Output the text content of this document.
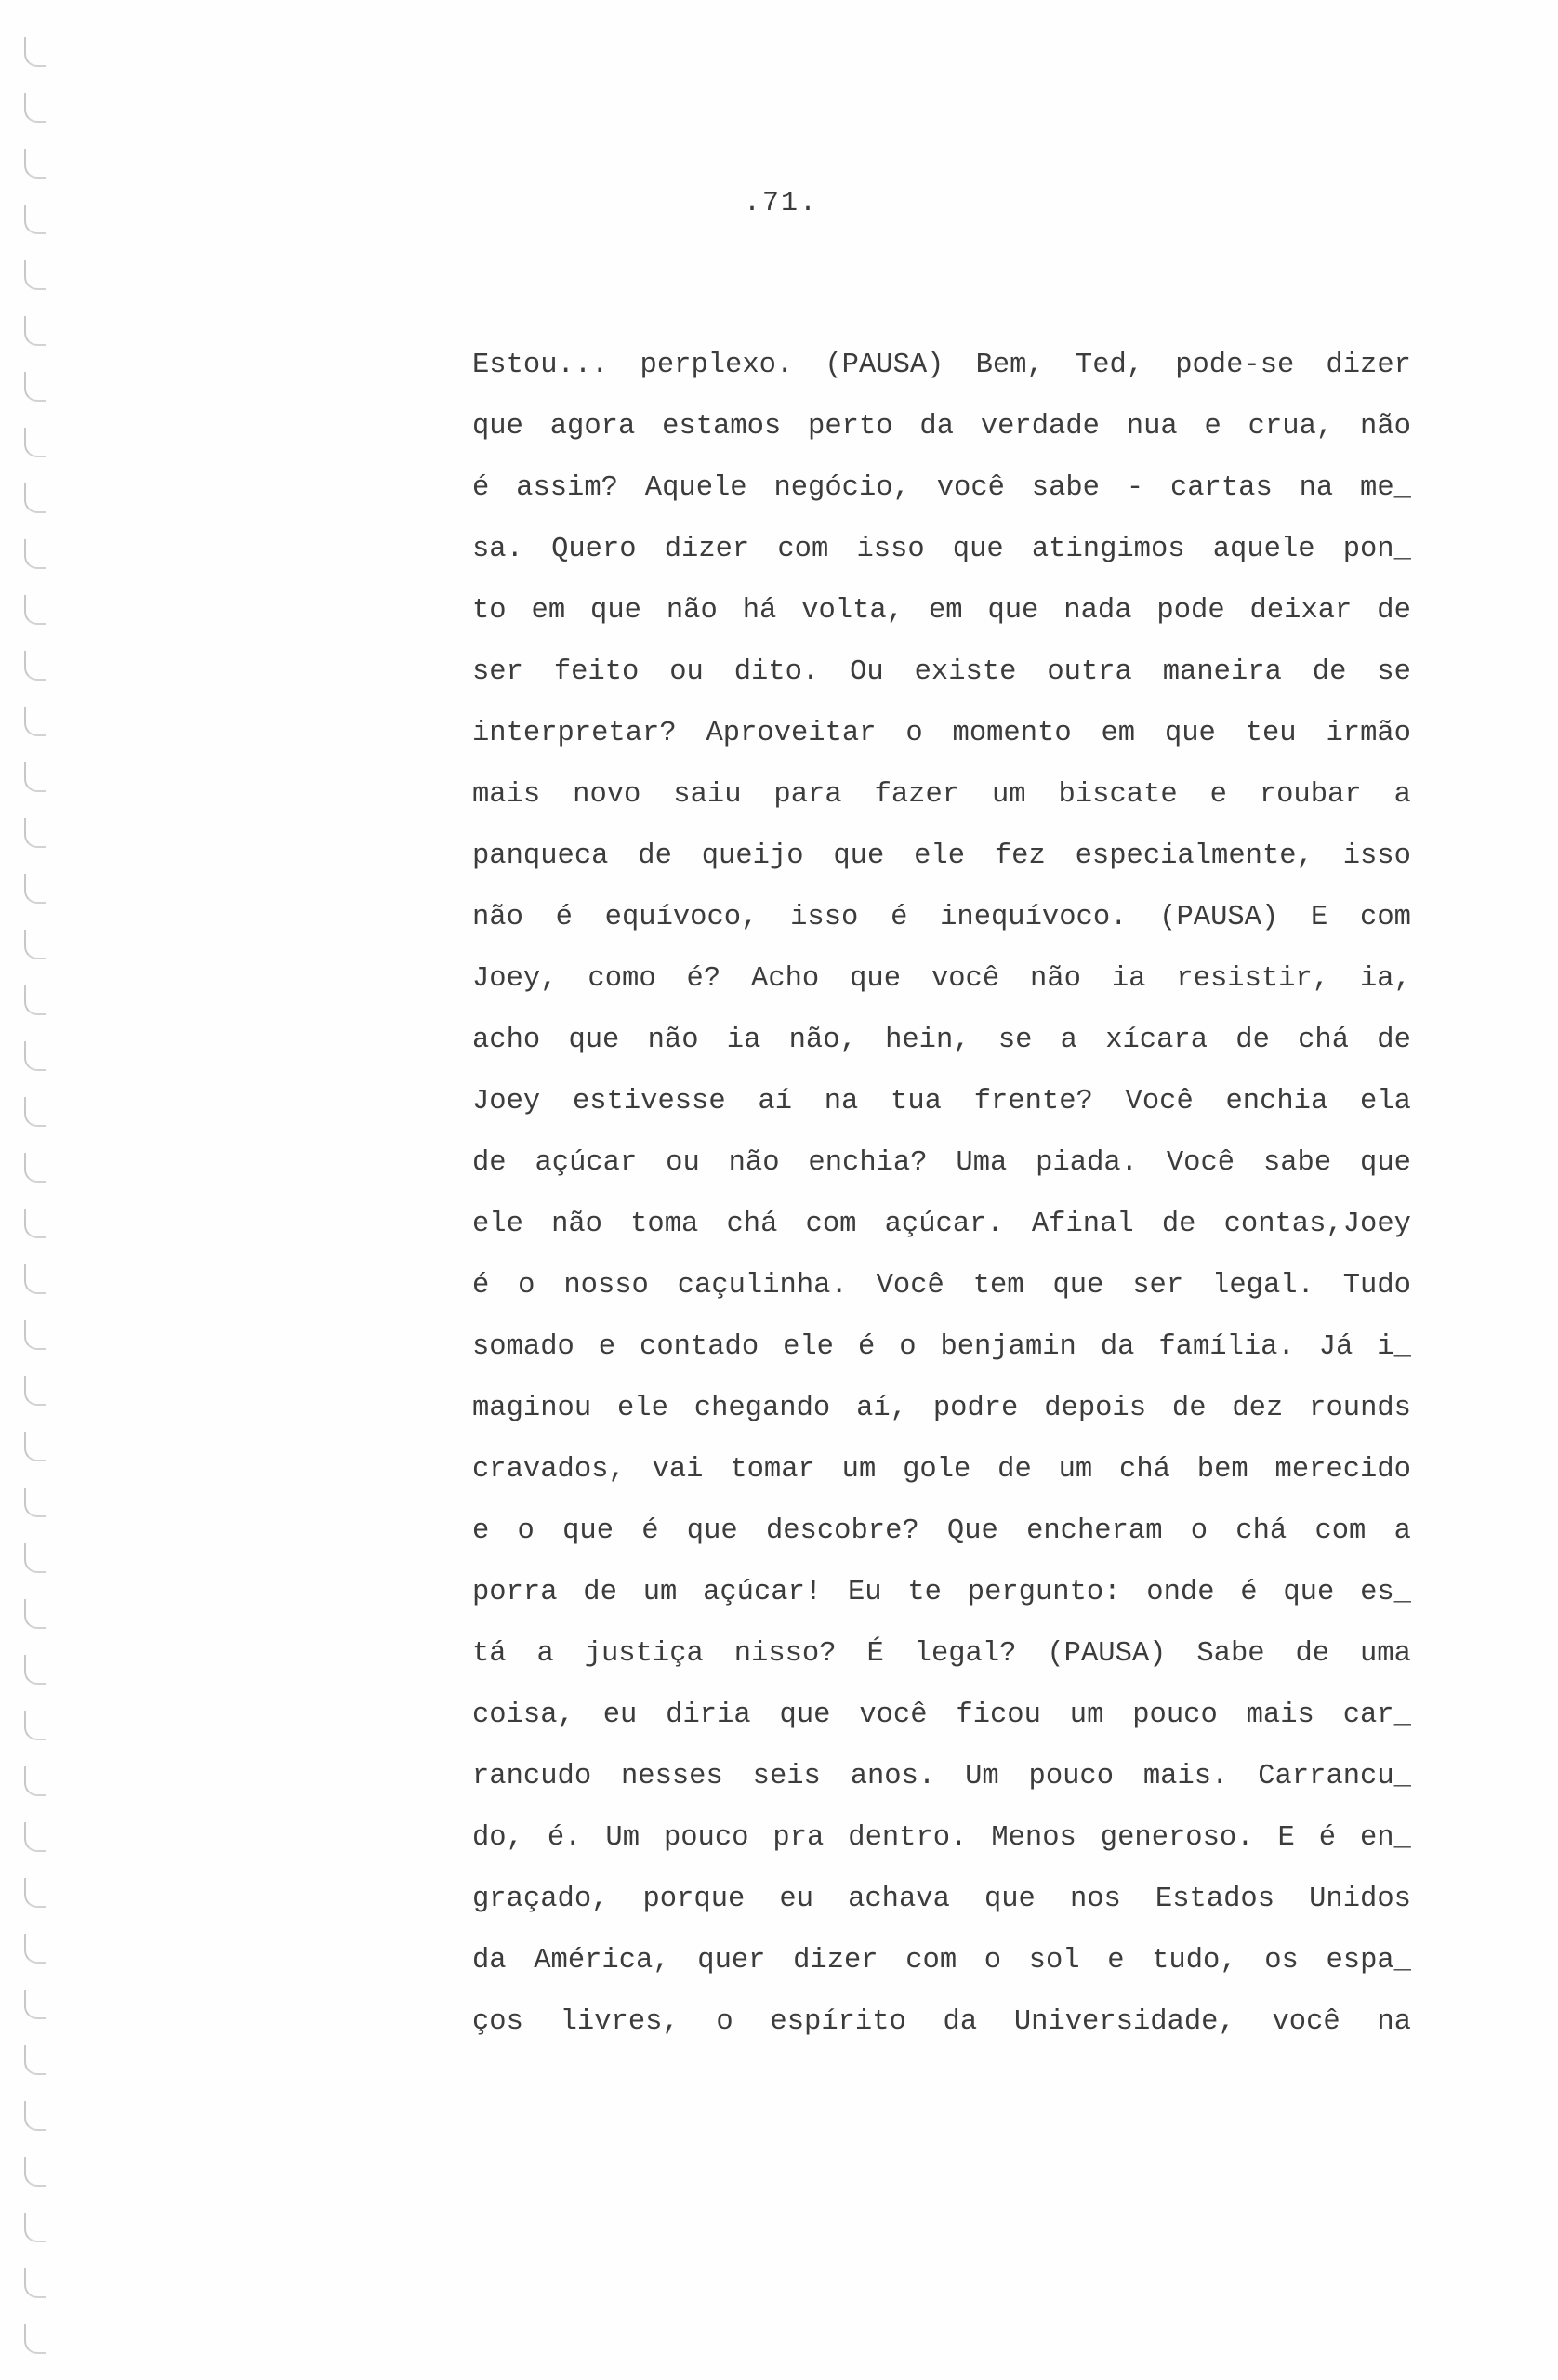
.71.
Estou... perplexo. (PAUSA) Bem, Ted, pode-se dizer
que agora estamos perto da verdade nua e crua, não
é assim? Aquele negócio, você sabe - cartas na me_
sa. Quero dizer com isso que atingimos aquele pon_
to em que não há volta, em que nada pode deixar de
ser feito ou dito. Ou existe outra maneira de se
interpretar? Aproveitar o momento em que teu irmão
mais novo saiu para fazer um biscate e roubar a
panqueca de queijo que ele fez especialmente, isso
não é equívoco, isso é inequívoco. (PAUSA) E com
Joey, como é? Acho que você não ia resistir, ia,
acho que não ia não, hein, se a xícara de chá de
Joey estivesse aí na tua frente? Você enchia ela
de açúcar ou não enchia? Uma piada. Você sabe que
ele não toma chá com açúcar. Afinal de contas,Joey
é o nosso caçulinha. Você tem que ser legal. Tudo
somado e contado ele é o benjamin da família. Já i_
maginou ele chegando aí, podre depois de dez rounds
cravados, vai tomar um gole de um chá bem merecido
e o que é que descobre? Que encheram o chá com a
porra de um açúcar! Eu te pergunto: onde é que es_
tá a justiça nisso? É legal? (PAUSA) Sabe de uma
coisa, eu diria que você ficou um pouco mais car_
rancudo nesses seis anos. Um pouco mais. Carrancu_
do, é. Um pouco pra dentro. Menos generoso. E é en_
graçado, porque eu achava que nos Estados Unidos
da América, quer dizer com o sol e tudo, os espa_
ços livres, o espírito da Universidade, você na
